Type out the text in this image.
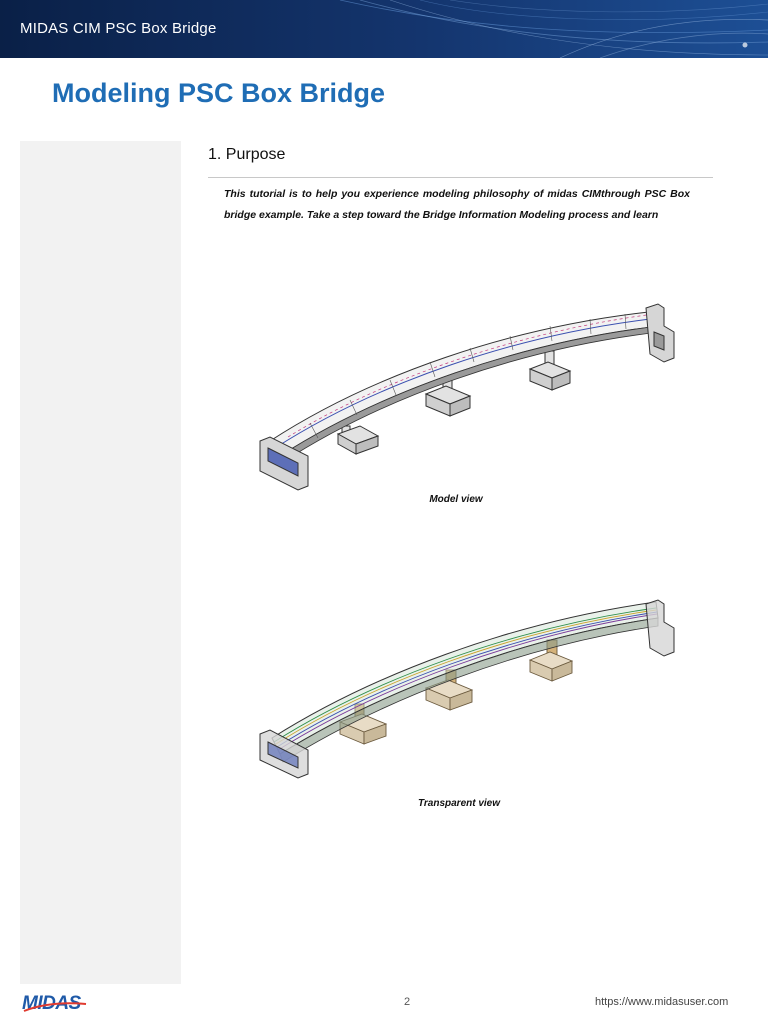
MIDAS CIM PSC Box Bridge
Modeling PSC Box Bridge
1. Purpose

This tutorial is to help you experience modeling philosophy of midas CIMthrough PSC Box bridge example. Take a step toward the Bridge Information Modeling process and learn

Model view
Transparent view
MIDAS	2	https://www.midasuser.com
